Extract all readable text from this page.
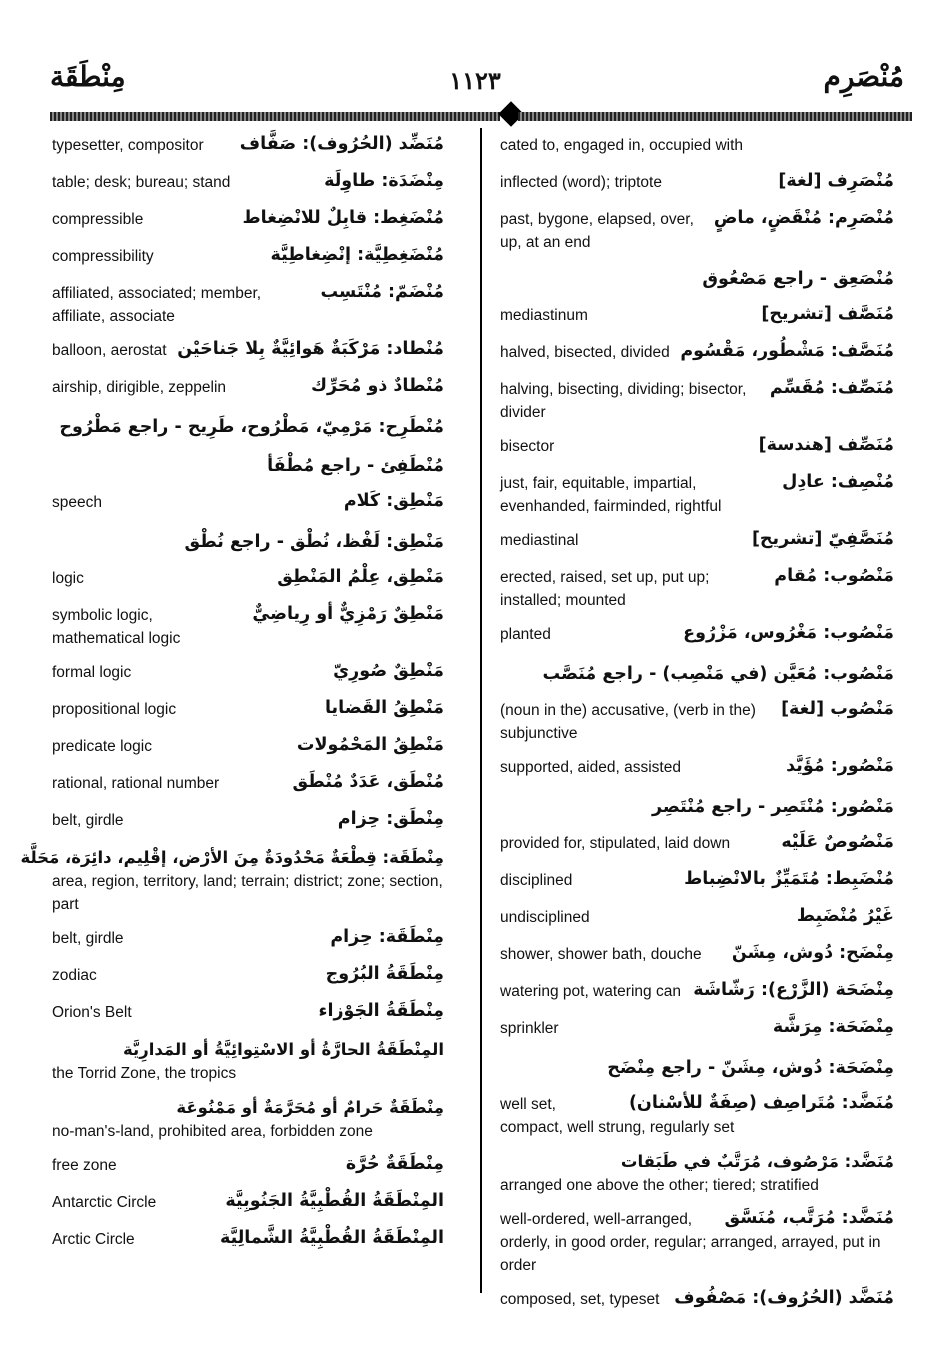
مِنْطَقَة	١١٢٣	مُنْصَرِم
مُنَضِّد (الحُرُوف): صَفَّاف
typesetter, compositor
مِنْضَدَة: طاوِلَة
table; desk; bureau; stand
مُنْضَغِط: قابِلٌ للانْضِغاط
compressible
مُنْضَغِطِيَّة: إنْضِغاطِيَّة
compressibility
مُنْضَمّ: مُنْتَسِب
affiliated, associated; member, affiliate, associate
مُنْطاد: مَرْكَبَةٌ هَوائِيَّةٌ بِلا جَناحَيْن
balloon, aerostat
مُنْطادٌ ذو مُحَرِّك
airship, dirigible, zeppelin
مُنْطَرِح: مَرْمِيّ، مَطْرُوح، طَرِيح - راجع مَطْرُوح
مُنْطَفِئ - راجع مُطْفَأ
مَنْطِق: كَلام
speech
مَنْطِق: لَفْظ، نُطْق - راجع نُطْق
مَنْطِق، عِلْمُ المَنْطِق
logic
مَنْطِقٌ رَمْزِيٌّ أو رِياضِيٌّ
symbolic logic, mathematical logic
مَنْطِقٌ صُورِيّ
formal logic
مَنْطِقُ القَضايا
propositional logic
مَنْطِقُ المَحْمُولات
predicate logic
مُنْطَق، عَدَدٌ مُنْطَق
rational, rational number
مِنْطَق: حِزام
belt, girdle
مِنْطَقَة: قِطْعَةٌ مَحْدُودَةٌ مِنَ الأرْض، إقْلِيم، دائِرَة، مَحَلَّة
area, region, territory, land; terrain; district; zone; section, part
مِنْطَقَة: حِزام
belt, girdle
مِنْطَقَةُ البُرُوج
zodiac
مِنْطَقَةُ الجَوْزاء
Orion's Belt
المِنْطَقَةُ الحارَّةُ أو الاسْتِوائِيَّةُ أو المَدارِيَّة
the Torrid Zone, the tropics
مِنْطَقَةٌ حَرامٌ أو مُحَرَّمَةٌ أو مَمْنُوعَة
no-man's-land, prohibited area, forbidden zone
مِنْطَقَةٌ حُرَّة
free zone
المِنْطَقَةُ القُطْبِيَّةُ الجَنُوبِيَّة
Antarctic Circle
المِنْطَقَةُ القُطْبِيَّةُ الشَّمالِيَّة
Arctic Circle
cated to, engaged in, occupied with
مُنْصَرِف [لغة]
inflected (word); triptote
مُنْصَرِم: مُنْقَضٍ، ماضٍ
past, bygone, elapsed, over, up, at an end
مُنْصَعِق - راجع مَصْعُوق
مُنَصَّف [تشريح]
mediastinum
مُنَصَّف: مَشْطُور، مَقْسُوم
halved, bisected, divided
مُنَصِّف: مُقَسِّم
halving, bisecting, dividing; bisector, divider
مُنَصِّف [هندسة]
bisector
مُنْصِف: عادِل
just, fair, equitable, impartial, evenhanded, fairminded, rightful
مُنَصَّفِيّ [تشريح]
mediastinal
مَنْصُوب: مُقام
erected, raised, set up, put up; installed; mounted
مَنْصُوب: مَغْرُوس، مَزْرُوع
planted
مَنْصُوب: مُعَيَّن (في مَنْصِب) - راجع مُنَصَّب
مَنْصُوب [لغة]
(noun in the) accusative, (verb in the) subjunctive
مَنْصُور: مُؤَيَّد
supported, aided, assisted
مَنْصُور: مُنْتَصِر - راجع مُنْتَصِر
مَنْصُوصٌ عَلَيْه
provided for, stipulated, laid down
مُنْضَبِط: مُتَمَيِّزٌ بالانْضِباط
disciplined
غَيْرُ مُنْضَبِط
undisciplined
مِنْضَح: دُوش، مِشَنّ
shower, shower bath, douche
مِنْضَحَة (الزَّرْع): رَشّاشَة
watering pot, watering can
مِنْضَحَة: مِرَشَّة
sprinkler
مِنْضَحَة: دُوش، مِشَنّ - راجع مِنْضَح
مُنَضَّد: مُتَراصِف (صِفَةٌ للأسْنان)
well set, compact, well strung, regularly set
مُنَضَّد: مَرْصُوف، مُرَتَّبٌ في طَبَقات
arranged one above the other; tiered; stratified
مُنَضَّد: مُرَتَّب، مُنَسَّق
well-ordered, well-arranged, orderly, in good order, regular; arranged, arrayed, put in order
مُنَضَّد (الحُرُوف): مَصْفُوف
composed, set, typeset
